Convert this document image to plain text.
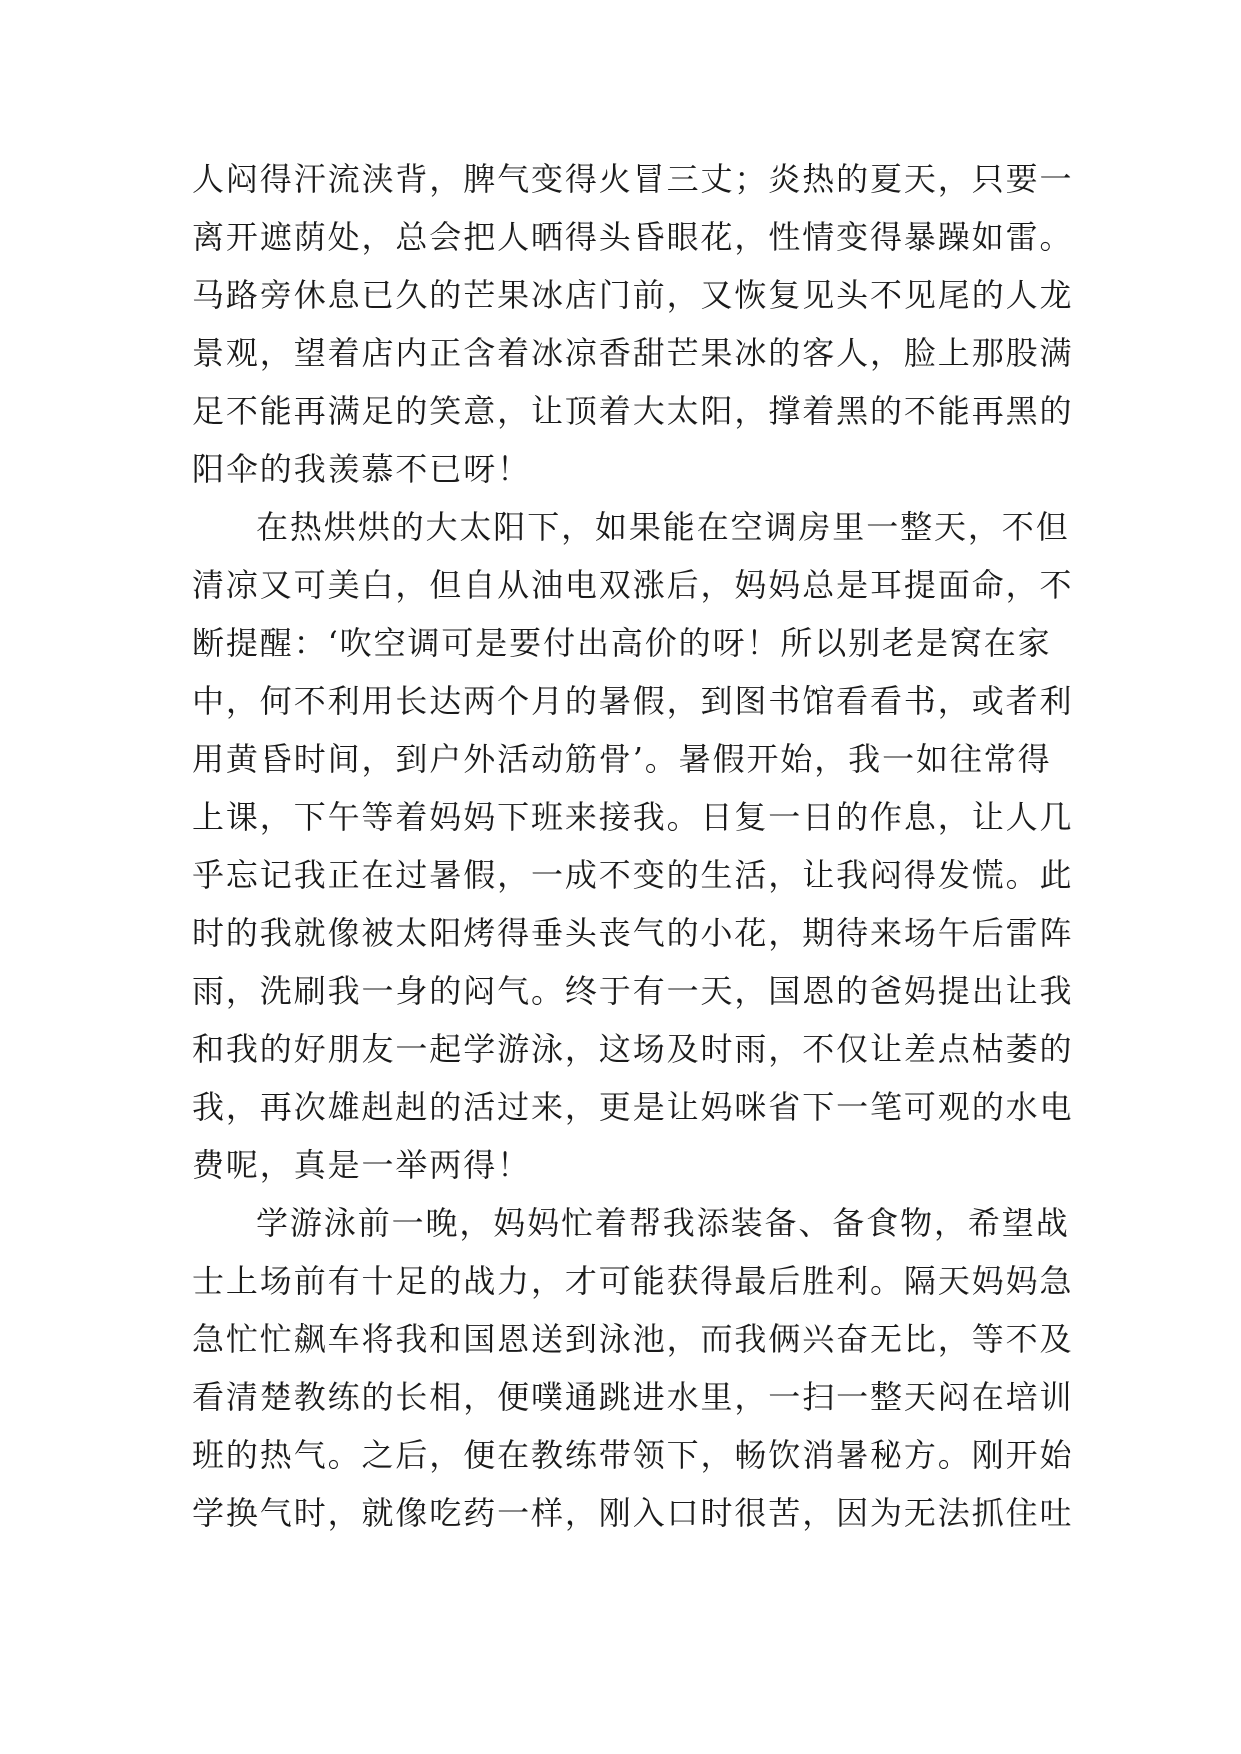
人闷得汗流浃背，脾气变得火冒三丈；炎热的夏天，只要一
离开遮荫处，总会把人晒得头昏眼花，性情变得暴躁如雷。
马路旁休息已久的芒果冰店门前，又恢复见头不见尾的人龙
景观，望着店内正含着冰凉香甜芒果冰的客人，脸上那股满
足不能再满足的笑意，让顶着大太阳，撑着黑的不能再黑的
阳伞的我羡慕不已呀！
在热烘烘的大太阳下，如果能在空调房里一整天，不但
清凉又可美白，但自从油电双涨后，妈妈总是耳提面命，不
断提醒：‘吹空调可是要付出高价的呀！所以别老是窝在家
中，何不利用长达两个月的暑假，到图书馆看看书，或者利
用黄昏时间，到户外活动筋骨’。暑假开始，我一如往常得
上课，下午等着妈妈下班来接我。日复一日的作息，让人几
乎忘记我正在过暑假，一成不变的生活，让我闷得发慌。此
时的我就像被太阳烤得垂头丧气的小花，期待来场午后雷阵
雨，洗刷我一身的闷气。终于有一天，国恩的爸妈提出让我
和我的好朋友一起学游泳，这场及时雨，不仅让差点枯萎的
我，再次雄赳赳的活过来，更是让妈咪省下一笔可观的水电
费呢，真是一举两得！
学游泳前一晚，妈妈忙着帮我添装备、备食物，希望战
士上场前有十足的战力，才可能获得最后胜利。隔天妈妈急
急忙忙飙车将我和国恩送到泳池，而我俩兴奋无比，等不及
看清楚教练的长相，便噗通跳进水里，一扫一整天闷在培训
班的热气。之后，便在教练带领下，畅饮消暑秘方。刚开始
学换气时，就像吃药一样，刚入口时很苦，因为无法抓住吐
